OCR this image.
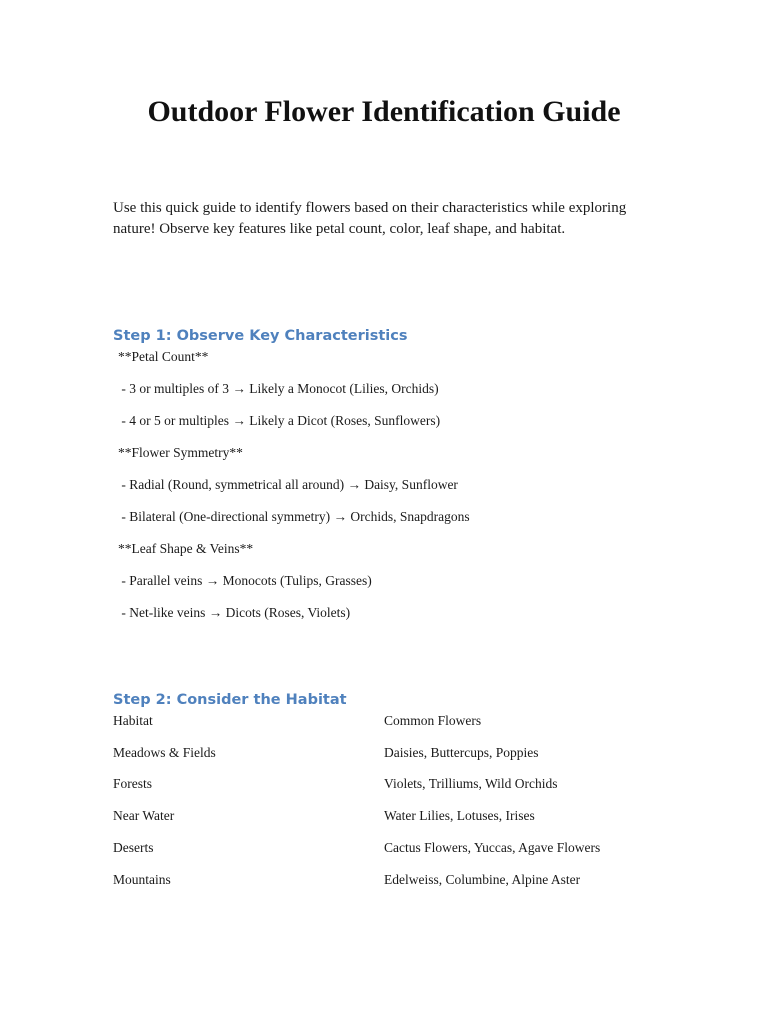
Outdoor Flower Identification Guide
Use this quick guide to identify flowers based on their characteristics while exploring nature! Observe key features like petal count, color, leaf shape, and habitat.
Step 1: Observe Key Characteristics
**Petal Count**
- 3 or multiples of 3 → Likely a Monocot (Lilies, Orchids)
- 4 or 5 or multiples → Likely a Dicot (Roses, Sunflowers)
**Flower Symmetry**
- Radial (Round, symmetrical all around) → Daisy, Sunflower
- Bilateral (One-directional symmetry) → Orchids, Snapdragons
**Leaf Shape & Veins**
- Parallel veins → Monocots (Tulips, Grasses)
- Net-like veins → Dicots (Roses, Violets)
Step 2: Consider the Habitat
Habitat	Common Flowers
Meadows & Fields	Daisies, Buttercups, Poppies
Forests	Violets, Trilliums, Wild Orchids
Near Water	Water Lilies, Lotuses, Irises
Deserts	Cactus Flowers, Yuccas, Agave Flowers
Mountains	Edelweiss, Columbine, Alpine Aster
